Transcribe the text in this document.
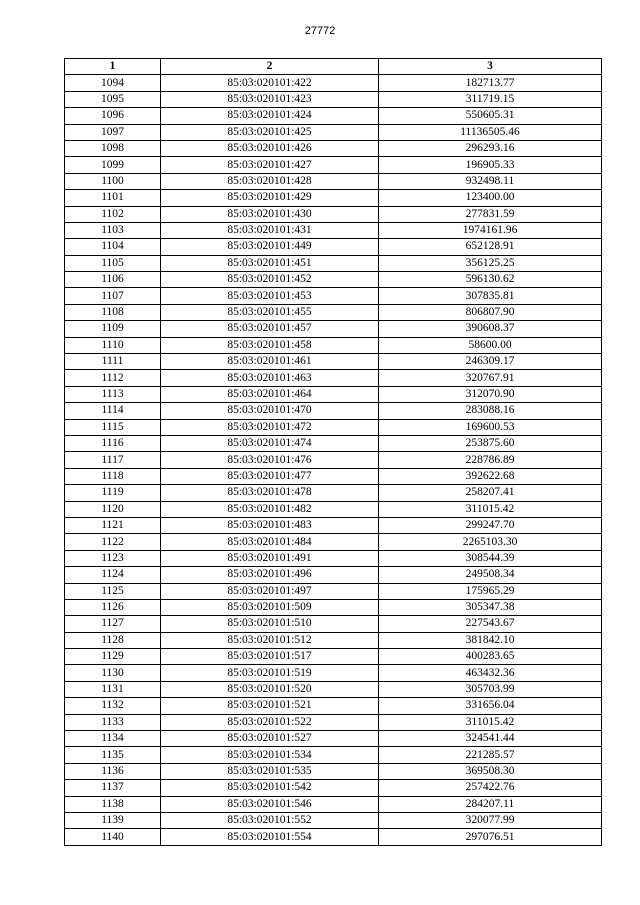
27772
1	2	3
1094	85:03:020101:422	182713.77
1095	85:03:020101:423	311719.15
1096	85:03:020101:424	550605.31
1097	85:03:020101:425	11136505.46
1098	85:03:020101:426	296293.16
1099	85:03:020101:427	196905.33
1100	85:03:020101:428	932498.11
1101	85:03:020101:429	123400.00
1102	85:03:020101:430	277831.59
1103	85:03:020101:431	1974161.96
1104	85:03:020101:449	652128.91
1105	85:03:020101:451	356125.25
1106	85:03:020101:452	596130.62
1107	85:03:020101:453	307835.81
1108	85:03:020101:455	806807.90
1109	85:03:020101:457	390608.37
1110	85:03:020101:458	58600.00
1111	85:03:020101:461	246309.17
1112	85:03:020101:463	320767.91
1113	85:03:020101:464	312070.90
1114	85:03:020101:470	283088.16
1115	85:03:020101:472	169600.53
1116	85:03:020101:474	253875.60
1117	85:03:020101:476	228786.89
1118	85:03:020101:477	392622.68
1119	85:03:020101:478	258207.41
1120	85:03:020101:482	311015.42
1121	85:03:020101:483	299247.70
1122	85:03:020101:484	2265103.30
1123	85:03:020101:491	308544.39
1124	85:03:020101:496	249508.34
1125	85:03:020101:497	175965.29
1126	85:03:020101:509	305347.38
1127	85:03:020101:510	227543.67
1128	85:03:020101:512	381842.10
1129	85:03:020101:517	400283.65
1130	85:03:020101:519	463432.36
1131	85:03:020101:520	305703.99
1132	85:03:020101:521	331656.04
1133	85:03:020101:522	311015.42
1134	85:03:020101:527	324541.44
1135	85:03:020101:534	221285.57
1136	85:03:020101:535	369508.30
1137	85:03:020101:542	257422.76
1138	85:03:020101:546	284207.11
1139	85:03:020101:552	320077.99
1140	85:03:020101:554	297076.51
